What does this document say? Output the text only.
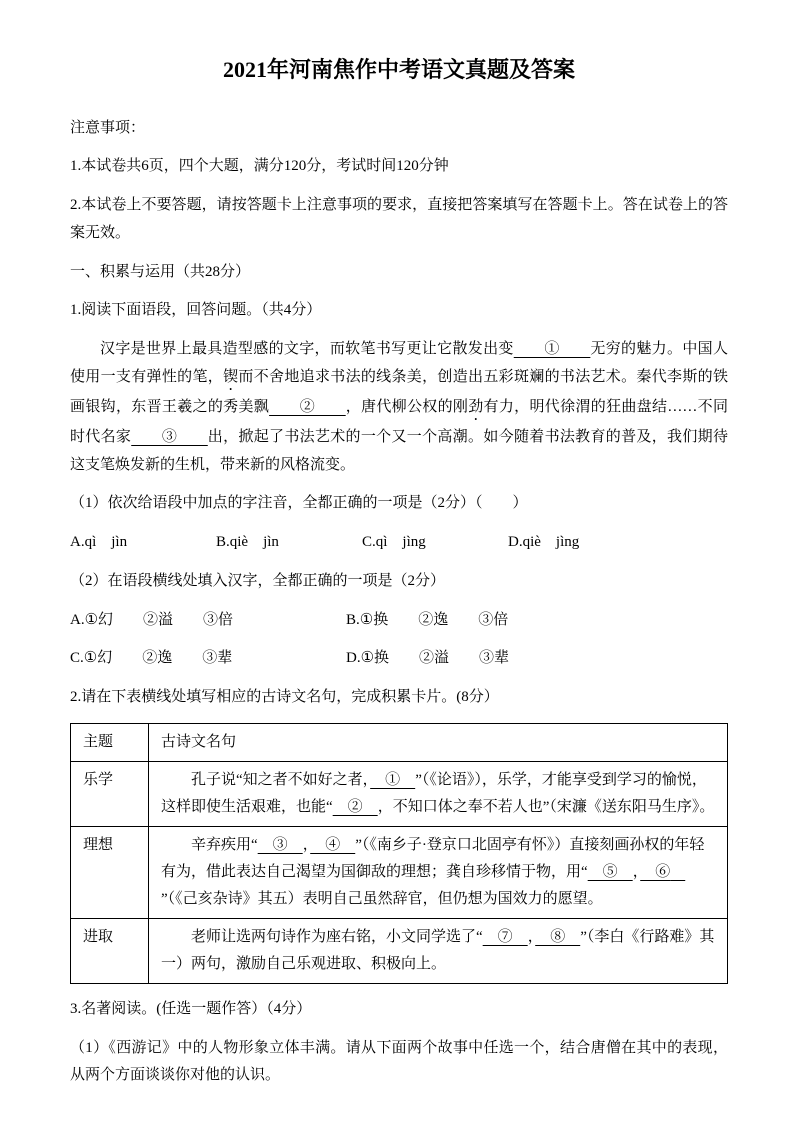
2021年河南焦作中考语文真题及答案

注意事项：

1.本试卷共6页，四个大题，满分120分，考试时间120分钟

2.本试卷上不要答题，请按答题卡上注意事项的要求，直接把答案填写在答题卡上。答在试卷上的答案无效。

一、积累与运用（共28分）

1.阅读下面语段，回答问题。（共4分）

汉字是世界上最具造型感的文字，而软笔书写更让它散发出变　　①　　无穷的魅力。中国人使用一支有弹性的笔，锲而不舍地追求书法的线条美，创造出五彩斑斓的书法艺术。秦代李斯的铁画银钩，东晋王羲之的秀美飘　　②　　，唐代柳公权的刚劲有力，明代徐渭的狂曲盘结……不同时代名家　　③　　出，掀起了书法艺术的一个又一个高潮。如今随着书法教育的普及，我们期待这支笔焕发新的生机，带来新的风格流变。

（1）依次给语段中加点的字注音，全都正确的一项是（2分）（　　）

A.qì　jìn	B.qiè　jìn	C.qì　jìng	D.qiè　jìng

（2）在语段横线处填入汉字，全都正确的一项是（2分）

A.①幻　　②溢　　③倍	B.①换　　②逸　　③倍

C.①幻　　②逸　　③辈	D.①换　　②溢　　③辈

2.请在下表横线处填写相应的古诗文名句，完成积累卡片。(8分）

主题	古诗文名句
乐学	孔子说“知之者不如好之者，　①　”（《论语》），乐学，才能享受到学习的愉悦，这样即使生活艰难，也能“　②　，不知口体之奉不若人也”（宋濂《送东阳马生序》。
理想	辛弃疾用“　③　，　④　”（《南乡子·登京口北固亭有怀》）直接刻画孙权的年轻有为，借此表达自己渴望为国御敌的理想；龚自珍移情于物，用“　⑤　，　⑥　”（《己亥杂诗》其五）表明自己虽然辞官，但仍想为国效力的愿望。
进取	老师让选两句诗作为座右铭，小文同学选了“　⑦　，　⑧　”（李白《行路难》其一）两句，激励自己乐观进取、积极向上。

3.名著阅读。(任选一题作答）（4分）

（1）《西游记》中的人物形象立体丰满。请从下面两个故事中任选一个，结合唐僧在其中的表现，从两个方面谈谈你对他的认识。
